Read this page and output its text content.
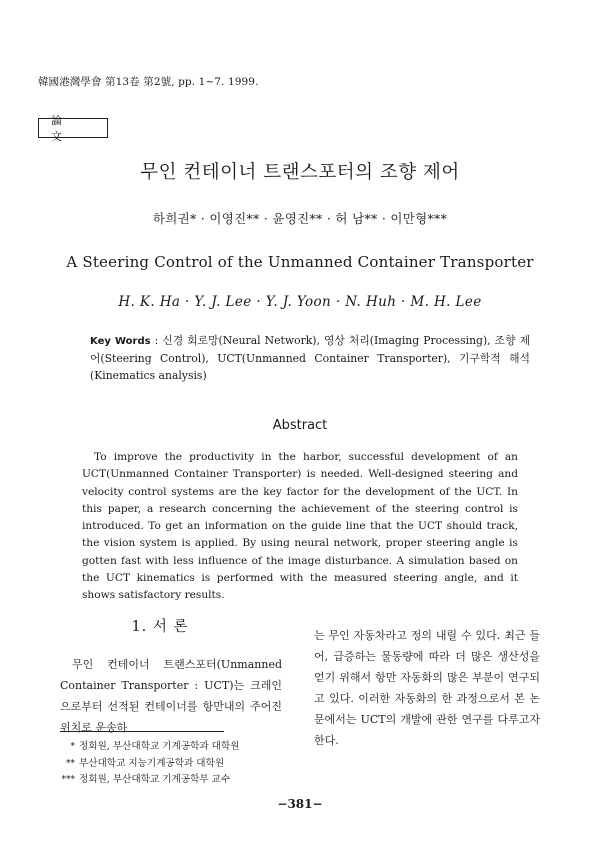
韓國港灣學會 第13卷 第2號, pp. 1~7. 1999.
論 文
무인 컨테이너 트랜스포터의 조향 제어
하희권* · 이영진** · 윤영진** · 허 남** · 이만형***
A Steering Control of the Unmanned Container Transporter
H. K. Ha · Y. J. Lee · Y. J. Yoon · N. Huh · M. H. Lee
Key Words : 신경 회로망(Neural Network), 영상 처리(Imaging Processing), 조향 제어(Steering Control), UCT(Unmanned Container Transporter), 기구학적 해석(Kinematics analysis)
Abstract
To improve the productivity in the harbor, successful development of an UCT(Unmanned Container Transporter) is needed. Well-designed steering and velocity control systems are the key factor for the development of the UCT. In this paper, a research concerning the achievement of the steering control is introduced. To get an information on the guide line that the UCT should track, the vision system is applied. By using neural network, proper steering angle is gotten fast with less influence of the image disturbance. A simulation based on the UCT kinematics is performed with the measured steering angle, and it shows satisfactory results.
1. 서 론
무인 컨테이너 트랜스포터(Unmanned Container Transporter : UCT)는 크레인으로부터 선적된 컨테이너를 항만내의 주어진 위치로 운송하
는 무인 자동차라고 정의 내릴 수 있다. 최근 들어, 급증하는 물동량에 따라 더 많은 생산성을 얻기 위해서 항만 자동화의 많은 부분이 연구되고 있다. 이러한 자동화의 한 과정으로서 본 논문에서는 UCT의 개발에 관한 연구를 다루고자 한다.
* 정회원, 부산대학교 기계공학과 대학원
** 부산대학교 지능기계공학과 대학원
*** 정회원, 부산대학교 기계공학부 교수
−381−
